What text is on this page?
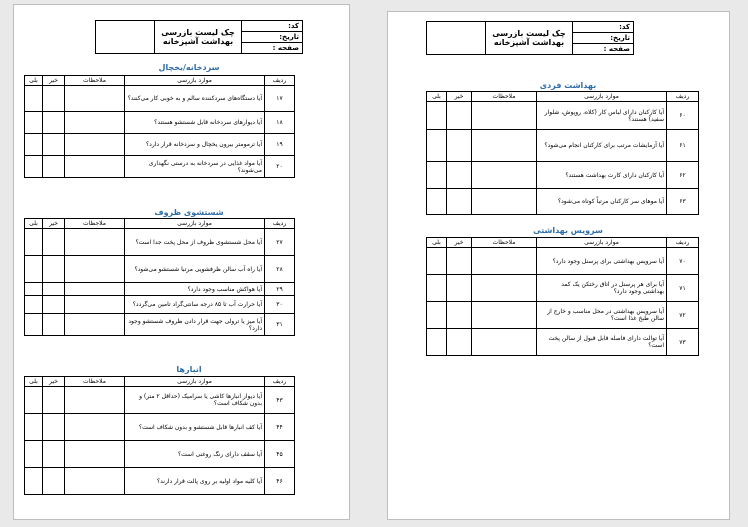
چک لیست بازرسی بهداشت آشپزخانه
کد:
تاریخ:
صفحه :
سردخانه/یخچال
بلی	خیر	ملاحظات	موارد بازرسی	ردیف
			آیا دستگاه‌های سردکننده سالم و به خوبی کار می‌کنند؟	۱۷
			آیا دیوارهای سردخانه قابل شستشو هستند؟	۱۸
			آیا ترمومتر بیرون یخچال و سردخانه قرار دارد؟	۱۹
			آیا مواد غذایی در سردخانه به درستی نگهداری می‌شوند؟	۲۰
شستشوی ظروف
بلی	خیر	ملاحظات	موارد بازرسی	ردیف
			آیا محل شستشوی ظروف از محل پخت جدا است؟	۲۷
			آیا راه آب سالن ظرفشویی مرتبا شستشو می‌شود؟	۲۸
			آیا هواکش مناسب وجود دارد؟	۲۹
			آیا حرارت آب تا ۸۵ درجه سانتی‌گراد تامین می‌گردد؟	۳۰
			آیا میز یا ترولی جهت قرار دادن ظروف شستشو وجود دارد؟	۳۱
انبارها
بلی	خیر	ملاحظات	موارد بازرسی	ردیف
			آیا دیوار انبارها کاشی یا سرامیک (حداقل ۲ متر) و بدون شکاف است؟	۴۳
			آیا کف انبارها قابل شستشو و بدون شکاف است؟	۴۴
			آیا سقف دارای رنگ روغنی است؟	۴۵
			آیا کلیه مواد اولیه بر روی پالت قرار دارند؟	۴۶
چک لیست بازرسی بهداشت آشپزخانه
کد:
تاریخ:
صفحه :
بهداشت فردی
بلی	خیر	ملاحظات	موارد بازرسی	ردیف
			آیا کارکنان دارای لباس کار (کلاه، روپوش، شلوار سفید) هستند؟	۶۰
			آیا آزمایشات مرتب برای کارکنان انجام می‌شود؟	۶۱
			آیا کارکنان دارای کارت بهداشت هستند؟	۶۲
			آیا موهای سر کارکنان مرتباً کوتاه می‌شود؟	۶۳
سرویس بهداشتی
بلی	خیر	ملاحظات	موارد بازرسی	ردیف
			آیا سرویس بهداشتی برای پرسنل وجود دارد؟	۷۰
			آیا برای هر پرسنل در اتاق رختکن یک کمد بهداشتی وجود دارد؟	۷۱
			آیا سرویس بهداشتی در محل مناسب و خارج از سالن طبخ غذا است؟	۷۲
			آیا توالت دارای فاصله قابل قبول از سالن پخت است؟	۷۳
